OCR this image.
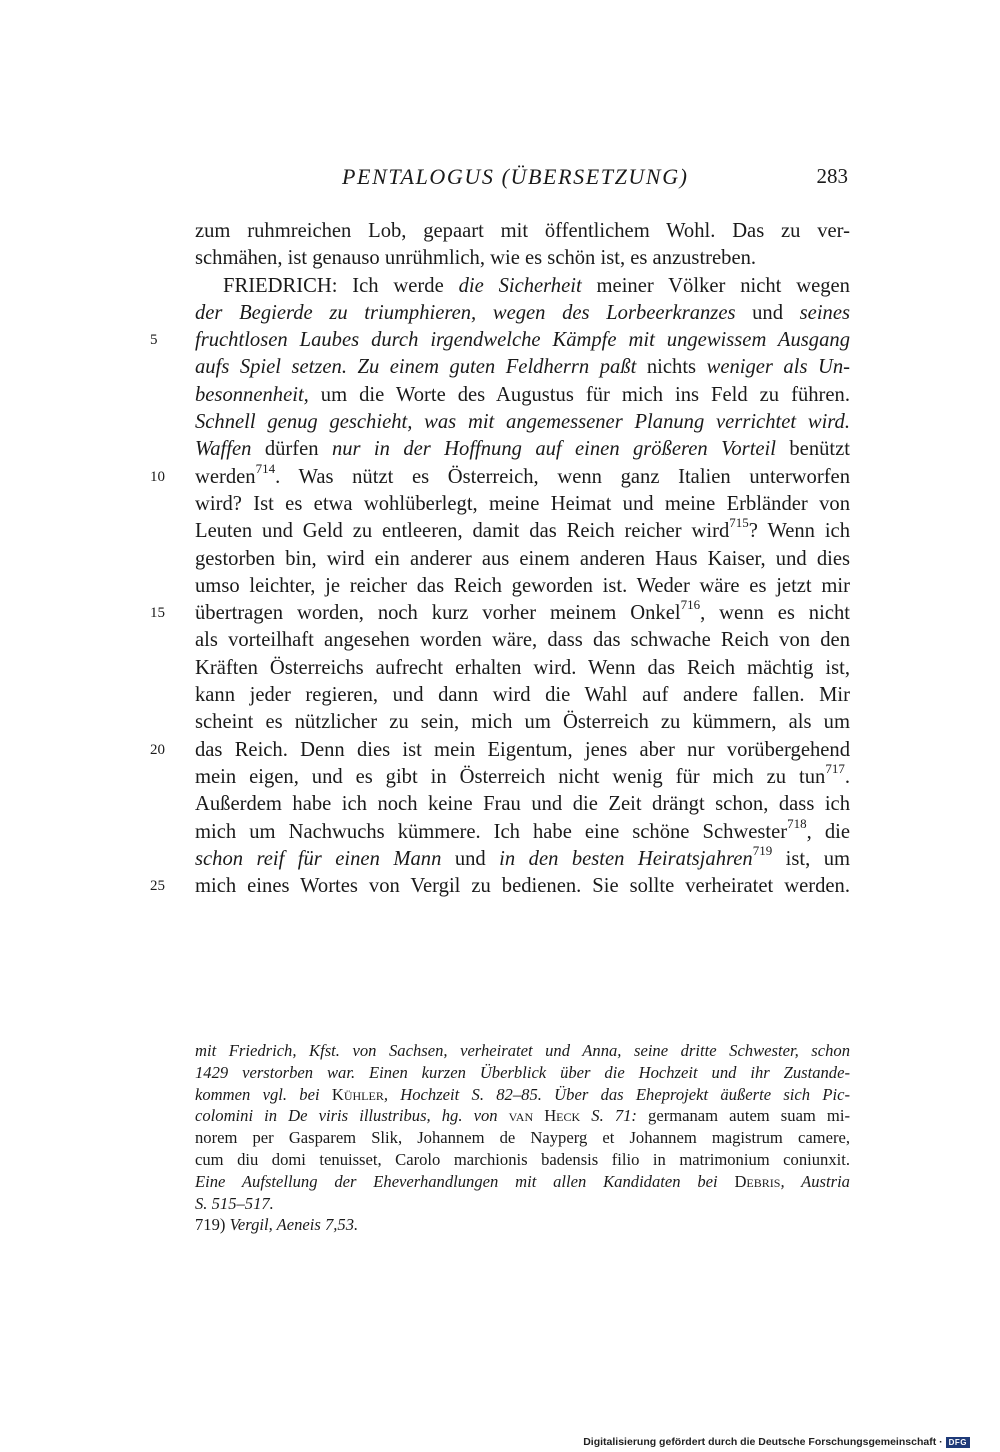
PENTALOGUS (ÜBERSETZUNG)	283
5
10
15
20
25
zum ruhmreichen Lob, gepaart mit öffentlichem Wohl. Das zu ver-
schmähen, ist genauso unrühmlich, wie es schön ist, es anzustreben.
FRIEDRICH: Ich werde die Sicherheit meiner Völker nicht wegen
der Begierde zu triumphieren, wegen des Lorbeerkranzes und seines
fruchtlosen Laubes durch irgendwelche Kämpfe mit ungewissem Ausgang
aufs Spiel setzen. Zu einem guten Feldherrn paßt nichts weniger als Un-
besonnenheit, um die Worte des Augustus für mich ins Feld zu führen.
Schnell genug geschieht, was mit angemessener Planung verrichtet wird.
Waffen dürfen nur in der Hoffnung auf einen größeren Vorteil benützt
werden$^{714}$. Was nützt es Österreich, wenn ganz Italien unterworfen
wird? Ist es etwa wohlüberlegt, meine Heimat und meine Erbländer von
Leuten und Geld zu entleeren, damit das Reich reicher wird$^{715}$? Wenn ich
gestorben bin, wird ein anderer aus einem anderen Haus Kaiser, und dies
umso leichter, je reicher das Reich geworden ist. Weder wäre es jetzt mir
übertragen worden, noch kurz vorher meinem Onkel$^{716}$, wenn es nicht
als vorteilhaft angesehen worden wäre, dass das schwache Reich von den
Kräften Österreichs aufrecht erhalten wird. Wenn das Reich mächtig ist,
kann jeder regieren, und dann wird die Wahl auf andere fallen. Mir
scheint es nützlicher zu sein, mich um Österreich zu kümmern, als um
das Reich. Denn dies ist mein Eigentum, jenes aber nur vorübergehend
mein eigen, und es gibt in Österreich nicht wenig für mich zu tun$^{717}$.
Außerdem habe ich noch keine Frau und die Zeit drängt schon, dass ich
mich um Nachwuchs kümmere. Ich habe eine schöne Schwester$^{718}$, die
schon reif für einen Mann und in den besten Heiratsjahren$^{719}$ ist, um
mich eines Wortes von Vergil zu bedienen. Sie sollte verheiratet werden.
mit Friedrich, Kfst. von Sachsen, verheiratet und Anna, seine dritte Schwester, schon
1429 verstorben war. Einen kurzen Überblick über die Hochzeit und ihr Zustande-
kommen vgl. bei Kühler, Hochzeit S. 82–85. Über das Eheprojekt äußerte sich Pic-
colomini in De viris illustribus, hg. von van Heck S. 71: germanam autem suam mi-
norem per Gasparem Slik, Johannem de Nayperg et Johannem magistrum camere,
cum diu domi tenuisset, Carolo marchionis badensis filio in matrimonium coniunxit.
Eine Aufstellung der Eheverhandlungen mit allen Kandidaten bei Debris, Austria
S. 515–517.
719) Vergil, Aeneis 7,53.
Digitalisierung gefördert durch die Deutsche Forschungsgemeinschaft · DFG
